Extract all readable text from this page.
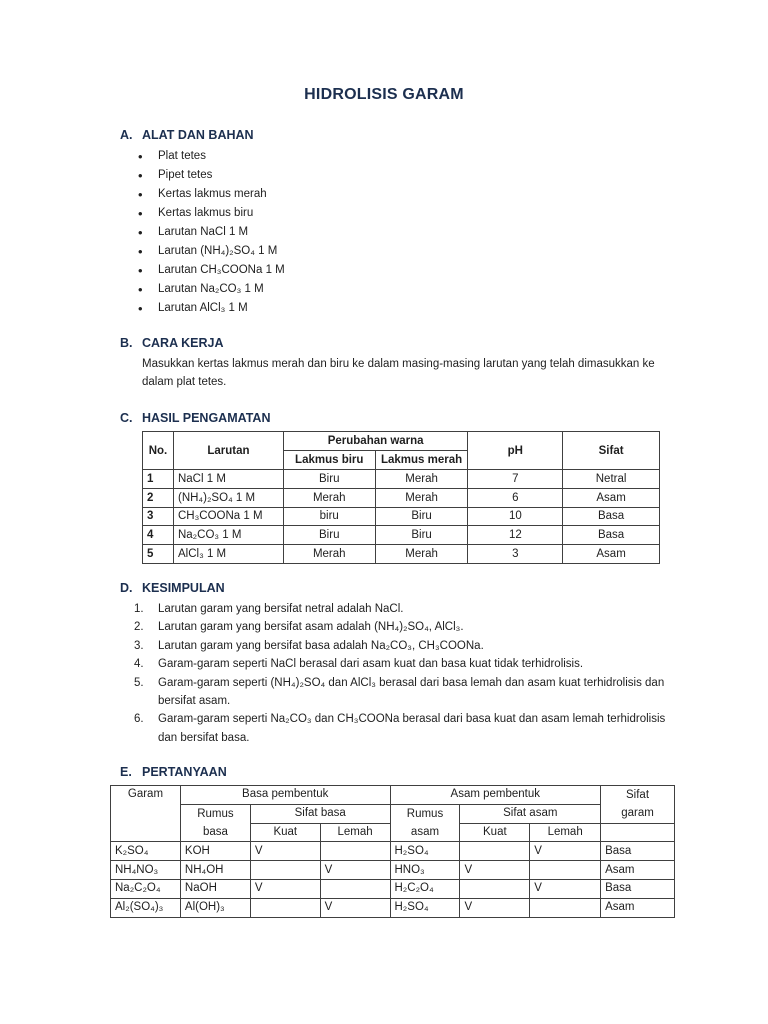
HIDROLISIS GARAM
A. ALAT DAN BAHAN
• Plat tetes
• Pipet tetes
• Kertas lakmus merah
• Kertas lakmus biru
• Larutan NaCl 1 M
• Larutan (NH₄)₂SO₄ 1 M
• Larutan CH₃COONa 1 M
• Larutan Na₂CO₃ 1 M
• Larutan AlCl₃ 1 M
B. CARA KERJA
Masukkan kertas lakmus merah dan biru ke dalam masing-masing larutan yang telah dimasukkan ke dalam plat tetes.
C. HASIL PENGAMATAN
No.	Larutan	Perubahan warna		pH	Sifat
		Lakmus biru	Lakmus merah		
1	NaCl 1 M	Biru	Merah	7	Netral
2	(NH₄)₂SO₄ 1 M	Merah	Merah	6	Asam
3	CH₃COONa 1 M	biru	Biru	10	Basa
4	Na₂CO₃ 1 M	Biru	Biru	12	Basa
5	AlCl₃ 1 M	Merah	Merah	3	Asam
D. KESIMPULAN
1. Larutan garam yang bersifat netral adalah NaCl.
2. Larutan garam yang bersifat asam adalah (NH₄)₂SO₄, AlCl₃.
3. Larutan garam yang bersifat basa adalah Na₂CO₃, CH₃COONa.
4. Garam-garam seperti NaCl berasal dari asam kuat dan basa kuat tidak terhidrolisis.
5. Garam-garam seperti (NH₄)₂SO₄ dan AlCl₃ berasal dari basa lemah dan asam kuat terhidrolisis dan bersifat asam.
6. Garam-garam seperti Na₂CO₃ dan CH₃COONa berasal dari basa kuat dan asam lemah terhidrolisis dan bersifat basa.
E. PERTANYAAN
Garam	Basa pembentuk			Asam pembentuk			Sifat garam
	Rumus basa	Sifat basa		Rumus asam	Sifat asam		
		Kuat	Lemah		Kuat	Lemah	
K₂SO₄	KOH	V		H₂SO₄		V	Basa
NH₄NO₃	NH₄OH		V	HNO₃	V		Asam
Na₂C₂O₄	NaOH	V		H₂C₂O₄		V	Basa
Al₂(SO₄)₃	Al(OH)₃		V	H₂SO₄	V		Asam
